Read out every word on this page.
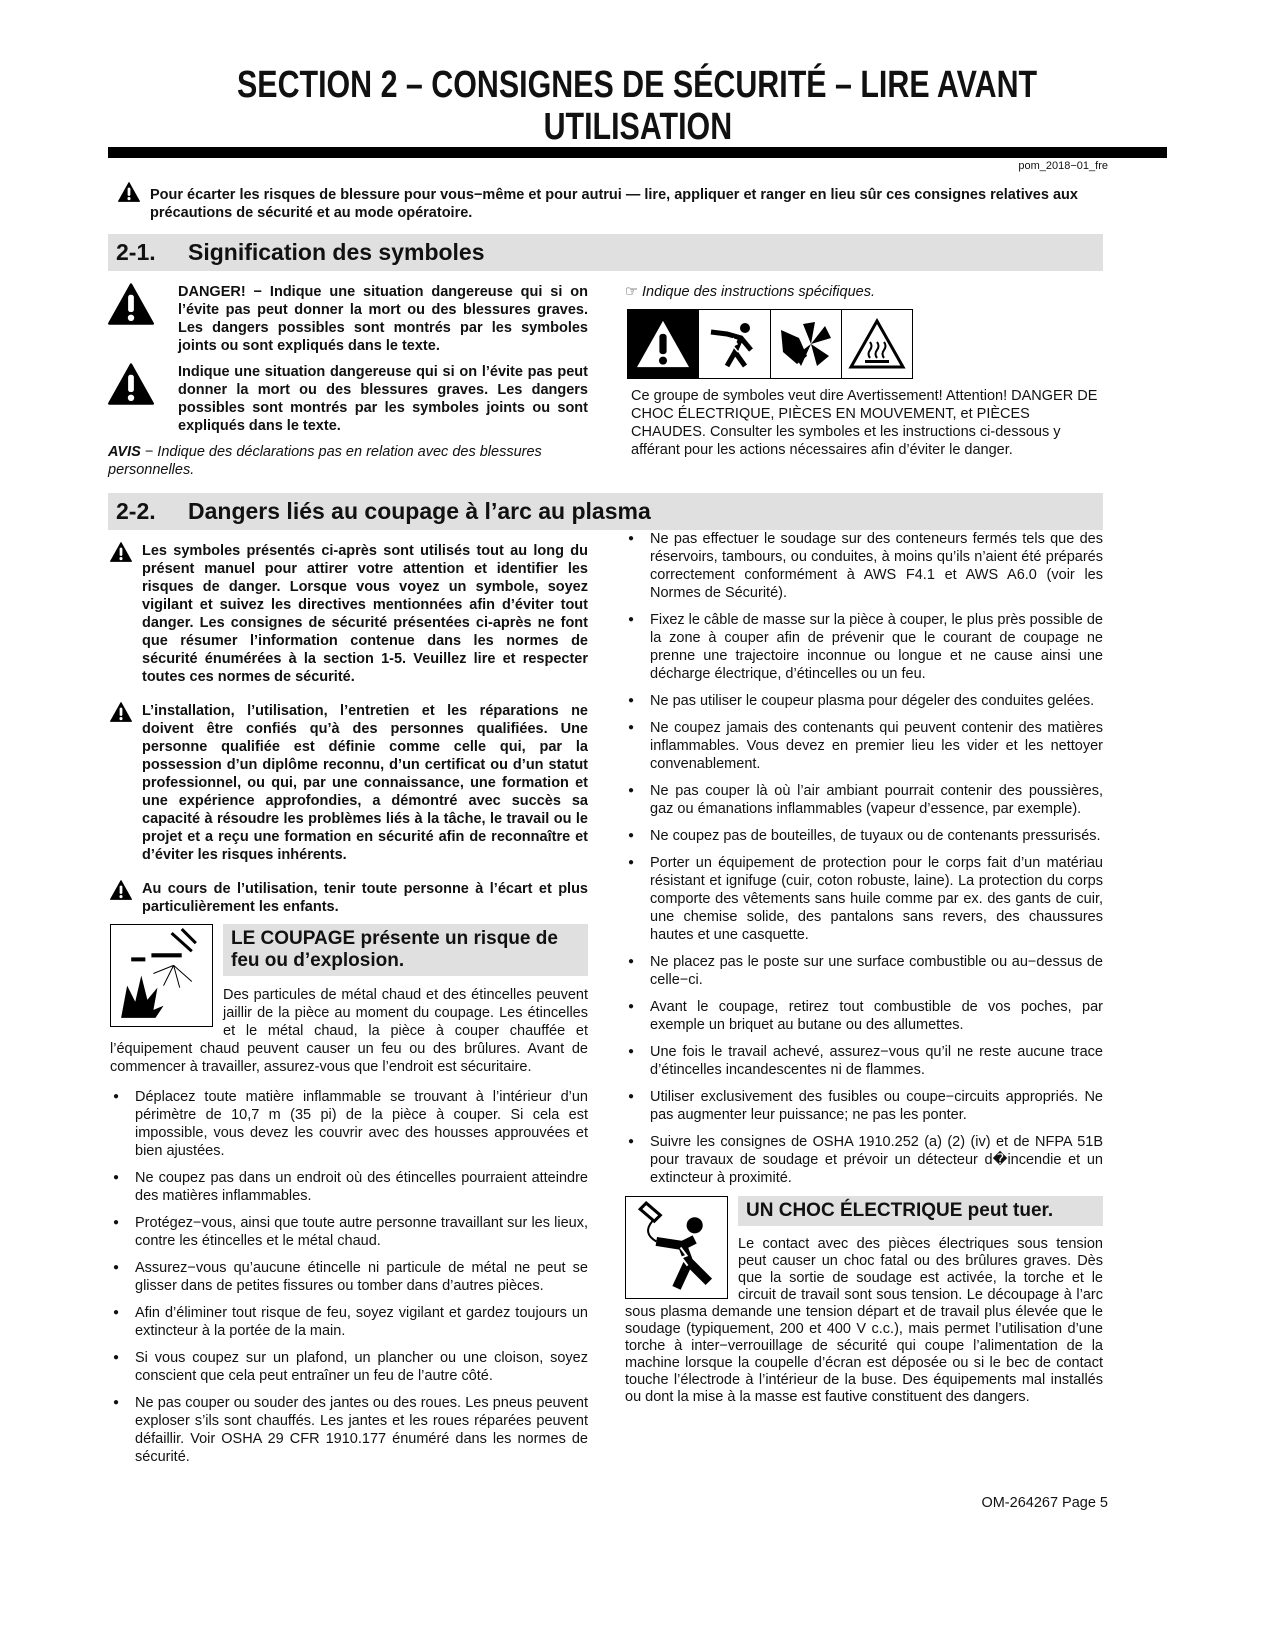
SECTION 2 – CONSIGNES DE SÉCURITÉ – LIRE AVANT
UTILISATION
pom_2018−01_fre
Pour écarter les risques de blessure pour vous−même et pour autrui — lire, appliquer et ranger en lieu sûr ces consignes relatives aux précautions de sécurité et au mode opératoire.
2-1. Signification des symboles
DANGER! − Indique une situation dangereuse qui si on l’évite pas peut donner la mort ou des blessures graves. Les dangers possibles sont montrés par les symboles joints ou sont expliqués dans le texte.
Indique une situation dangereuse qui si on l’évite pas peut donner la mort ou des blessures graves. Les dangers possibles sont montrés par les symboles joints ou sont expliqués dans le texte.
AVIS − Indique des déclarations pas en relation avec des blessures personnelles.
☞ Indique des instructions spécifiques.
Ce groupe de symboles veut dire Avertissement! Attention! DANGER DE CHOC ÉLECTRIQUE, PIÈCES EN MOUVEMENT, et PIÈCES CHAUDES. Consulter les symboles et les instructions ci-dessous y afférant pour les actions nécessaires afin d’éviter le danger.
2-2. Dangers liés au coupage à l’arc au plasma
Les symboles présentés ci-après sont utilisés tout au long du présent manuel pour attirer votre attention et identifier les risques de danger. Lorsque vous voyez un symbole, soyez vigilant et suivez les directives mentionnées afin d’éviter tout danger. Les consignes de sécurité présentées ci-après ne font que résumer l’information contenue dans les normes de sécurité énumérées à la section 1-5. Veuillez lire et respecter toutes ces normes de sécurité.
L’installation, l’utilisation, l’entretien et les réparations ne doivent être confiés qu’à des personnes qualifiées. Une personne qualifiée est définie comme celle qui, par la possession d’un diplôme reconnu, d’un certificat ou d’un statut professionnel, ou qui, par une connaissance, une formation et une expérience approfondies, a démontré avec succès sa capacité à résoudre les problèmes liés à la tâche, le travail ou le projet et a reçu une formation en sécurité afin de reconnaître et d’éviter les risques inhérents.
Au cours de l’utilisation, tenir toute personne à l’écart et plus particulièrement les enfants.
LE COUPAGE présente un risque de feu ou d’explosion.
Des particules de métal chaud et des étincelles peuvent jaillir de la pièce au moment du coupage. Les étincelles et le métal chaud, la pièce à couper chauffée et l’équipement chaud peuvent causer un feu ou des brûlures. Avant de commencer à travailler, assurez-vous que l’endroit est sécuritaire.
● Déplacez toute matière inflammable se trouvant à l’intérieur d’un périmètre de 10,7 m (35 pi) de la pièce à couper. Si cela est impossible, vous devez les couvrir avec des housses approuvées et bien ajustées.
● Ne coupez pas dans un endroit où des étincelles pourraient atteindre des matières inflammables.
● Protégez−vous, ainsi que toute autre personne travaillant sur les lieux, contre les étincelles et le métal chaud.
● Assurez−vous qu’aucune étincelle ni particule de métal ne peut se glisser dans de petites fissures ou tomber dans d’autres pièces.
● Afin d’éliminer tout risque de feu, soyez vigilant et gardez toujours un extincteur à la portée de la main.
● Si vous coupez sur un plafond, un plancher ou une cloison, soyez conscient que cela peut entraîner un feu de l’autre côté.
● Ne pas couper ou souder des jantes ou des roues. Les pneus peuvent exploser s’ils sont chauffés. Les jantes et les roues réparées peuvent défaillir. Voir OSHA 29 CFR 1910.177 énuméré dans les normes de sécurité.
● Ne pas effectuer le soudage sur des conteneurs fermés tels que des réservoirs, tambours, ou conduites, à moins qu’ils n’aient été préparés correctement conformément à AWS F4.1 et AWS A6.0 (voir les Normes de Sécurité).
● Fixez le câble de masse sur la pièce à couper, le plus près possible de la zone à couper afin de prévenir que le courant de coupage ne prenne une trajectoire inconnue ou longue et ne cause ainsi une décharge électrique, d’étincelles ou un feu.
● Ne pas utiliser le coupeur plasma pour dégeler des conduites gelées.
● Ne coupez jamais des contenants qui peuvent contenir des matières inflammables. Vous devez en premier lieu les vider et les nettoyer convenablement.
● Ne pas couper là où l’air ambiant pourrait contenir des poussières, gaz ou émanations inflammables (vapeur d’essence, par exemple).
● Ne coupez pas de bouteilles, de tuyaux ou de contenants pressurisés.
● Porter un équipement de protection pour le corps fait d’un matériau résistant et ignifuge (cuir, coton robuste, laine). La protection du corps comporte des vêtements sans huile comme par ex. des gants de cuir, une chemise solide, des pantalons sans revers, des chaussures hautes et une casquette.
● Ne placez pas le poste sur une surface combustible ou au−dessus de celle−ci.
● Avant le coupage, retirez tout combustible de vos poches, par exemple un briquet au butane ou des allumettes.
● Une fois le travail achevé, assurez−vous qu’il ne reste aucune trace d’étincelles incandescentes ni de flammes.
● Utiliser exclusivement des fusibles ou coupe−circuits appropriés. Ne pas augmenter leur puissance; ne pas les ponter.
● Suivre les consignes de OSHA 1910.252 (a) (2) (iv) et de NFPA 51B pour travaux de soudage et prévoir un détecteur d�incendie et un extincteur à proximité.
UN CHOC ÉLECTRIQUE peut tuer.
Le contact avec des pièces électriques sous tension peut causer un choc fatal ou des brûlures graves. Dès que la sortie de soudage est activée, la torche et le circuit de travail sont sous tension. Le découpage à l’arc sous plasma demande une tension départ et de travail plus élevée que le soudage (typiquement, 200 et 400 V c.c.), mais permet l’utilisation d’une torche à inter−verrouillage de sécurité qui coupe l’alimentation de la machine lorsque la coupelle d’écran est déposée ou si le bec de contact touche l’électrode à l’intérieur de la buse. Des équipements mal installés ou dont la mise à la masse est fautive constituent des dangers.
OM-264267 Page 5
